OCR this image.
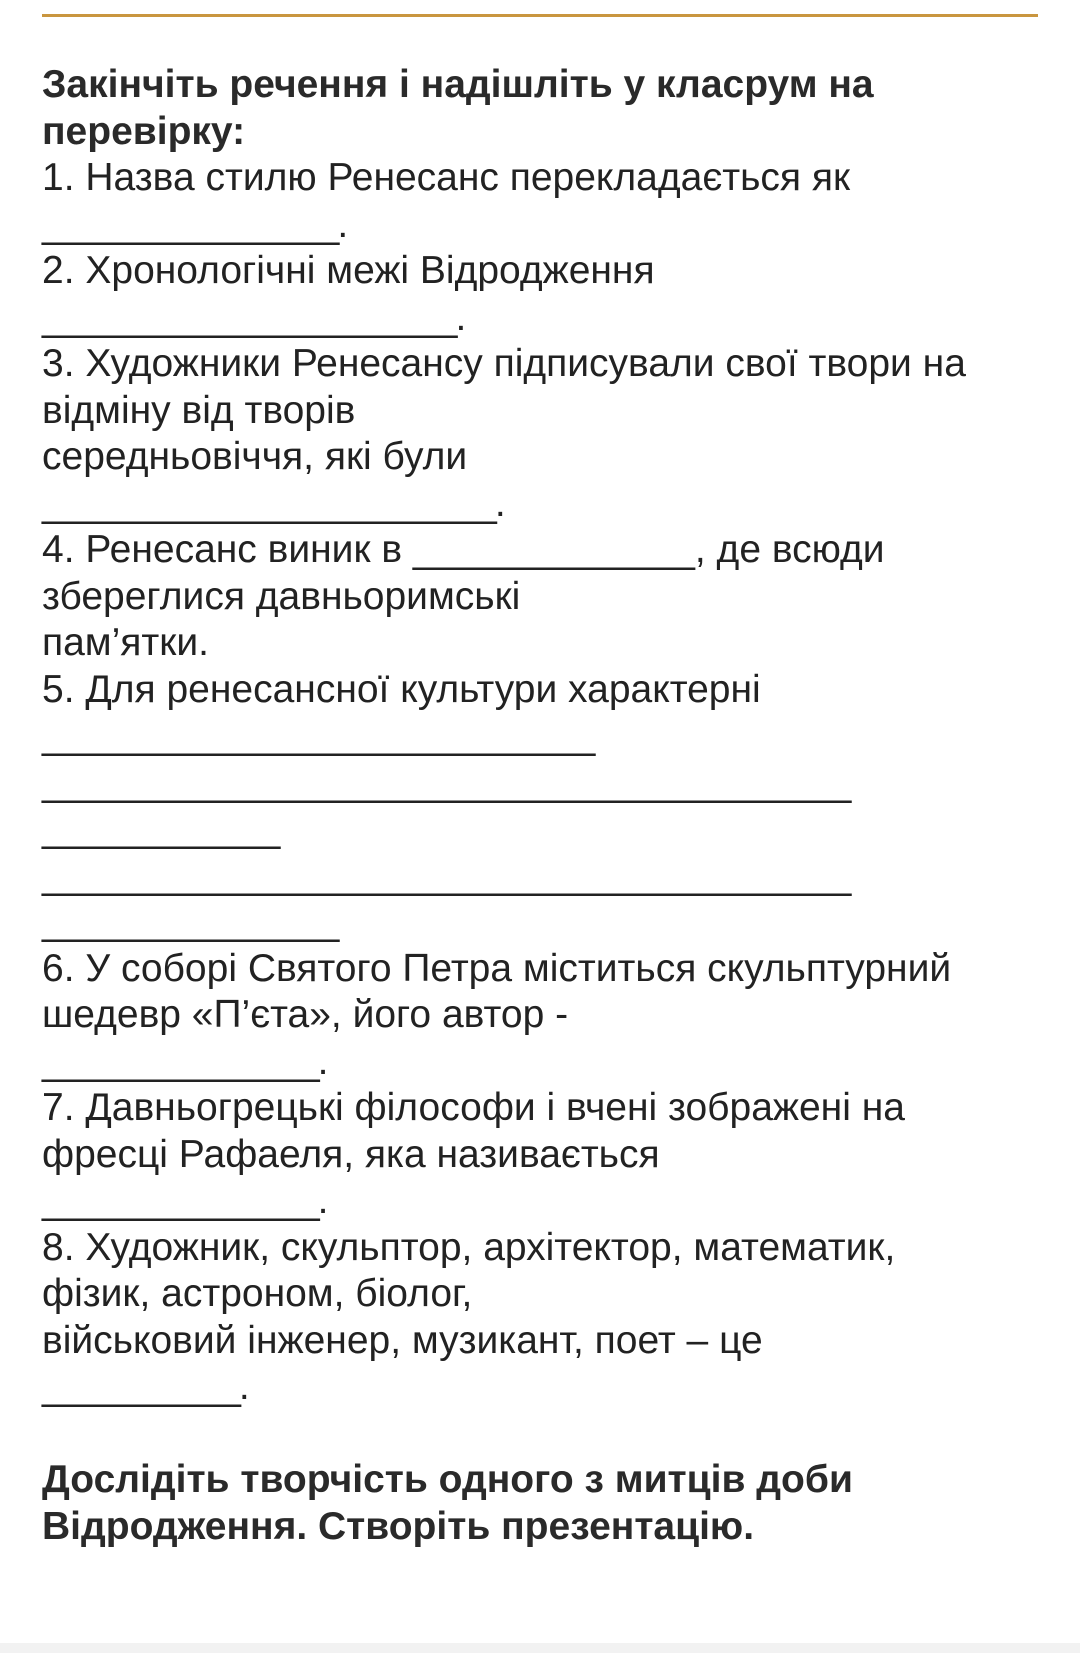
Закінчіть речення і надішліть у класрум на
перевірку:
1. Назва стилю Ренесанс перекладається як
_______________.
2. Хронологічні межі Відродження
_____________________.
3. Художники Ренесансу підписували свої твори на
відміну від творів
середньовіччя, які були
_______________________.
4. Ренесанс виник в _____________, де всюди
збереглися давньоримські
пам’ятки.
5. Для ренесансної культури характерні
____________________________
_________________________________________
____________
_________________________________________
_______________
6. У соборі Святого Петра міститься скульптурний
шедевр «П’єта», його автор -
______________.
7. Давньогрецькі філософи і вчені зображені на
фресці Рафаеля, яка називається
______________.
8. Художник, скульптор, архітектор, математик,
фізик, астроном, біолог,
військовий інженер, музикант, поет – це
__________.
Дослідіть творчість одного з митців доби
Відродження. Створіть презентацію.
